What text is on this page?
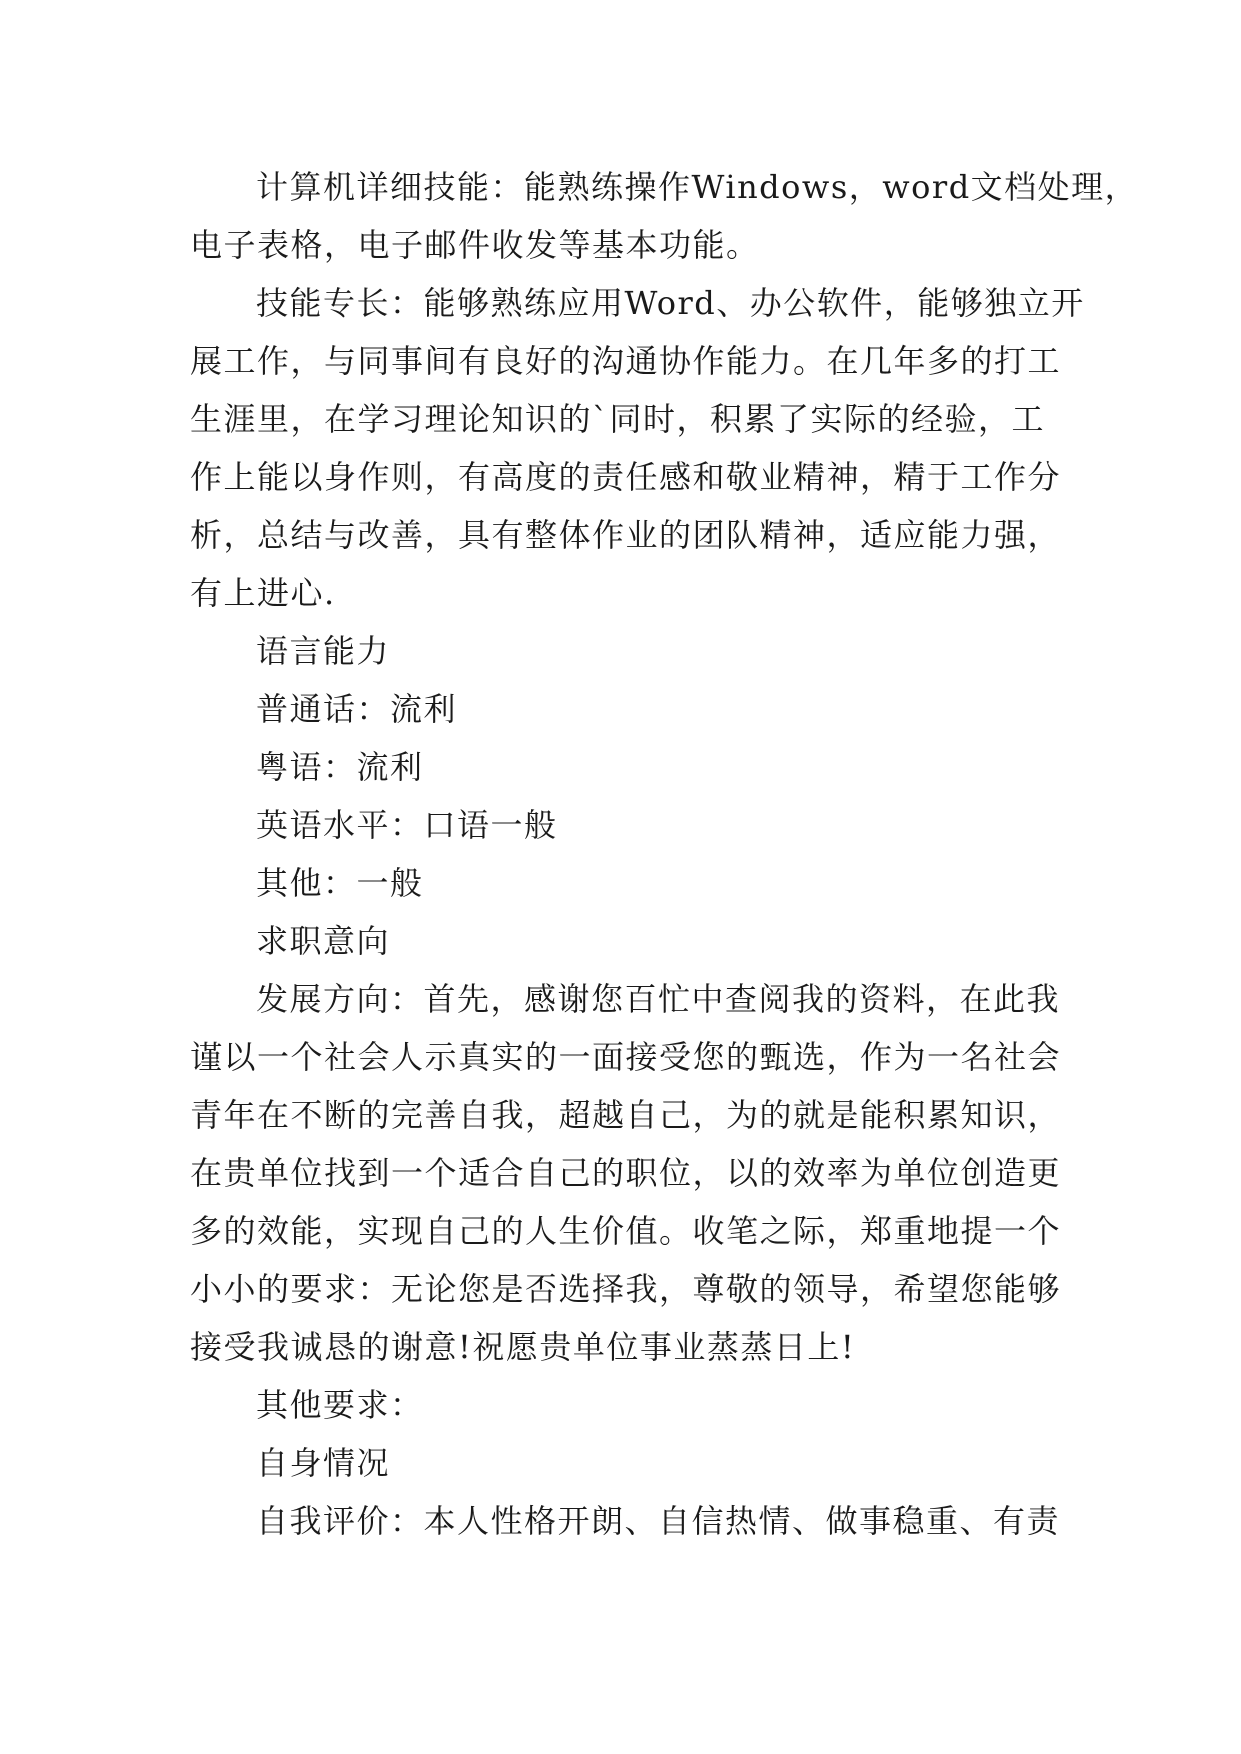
计算机详细技能：能熟练操作Windows，word文档处理，
电子表格，电子邮件收发等基本功能。
技能专长：能够熟练应用Word、办公软件，能够独立开
展工作，与同事间有良好的沟通协作能力。在几年多的打工
生涯里，在学习理论知识的`同时，积累了实际的经验，工
作上能以身作则，有高度的责任感和敬业精神，精于工作分
析，总结与改善，具有整体作业的团队精神，适应能力强，
有上进心.
语言能力
普通话：流利
粤语：流利
英语水平：口语一般
其他：一般
求职意向
发展方向：首先，感谢您百忙中查阅我的资料，在此我
谨以一个社会人示真实的一面接受您的甄选，作为一名社会
青年在不断的完善自我，超越自己，为的就是能积累知识，
在贵单位找到一个适合自己的职位，以的效率为单位创造更
多的效能，实现自己的人生价值。收笔之际，郑重地提一个
小小的要求：无论您是否选择我，尊敬的领导，希望您能够
接受我诚恳的谢意!祝愿贵单位事业蒸蒸日上!
其他要求：
自身情况
自我评价：本人性格开朗、自信热情、做事稳重、有责
